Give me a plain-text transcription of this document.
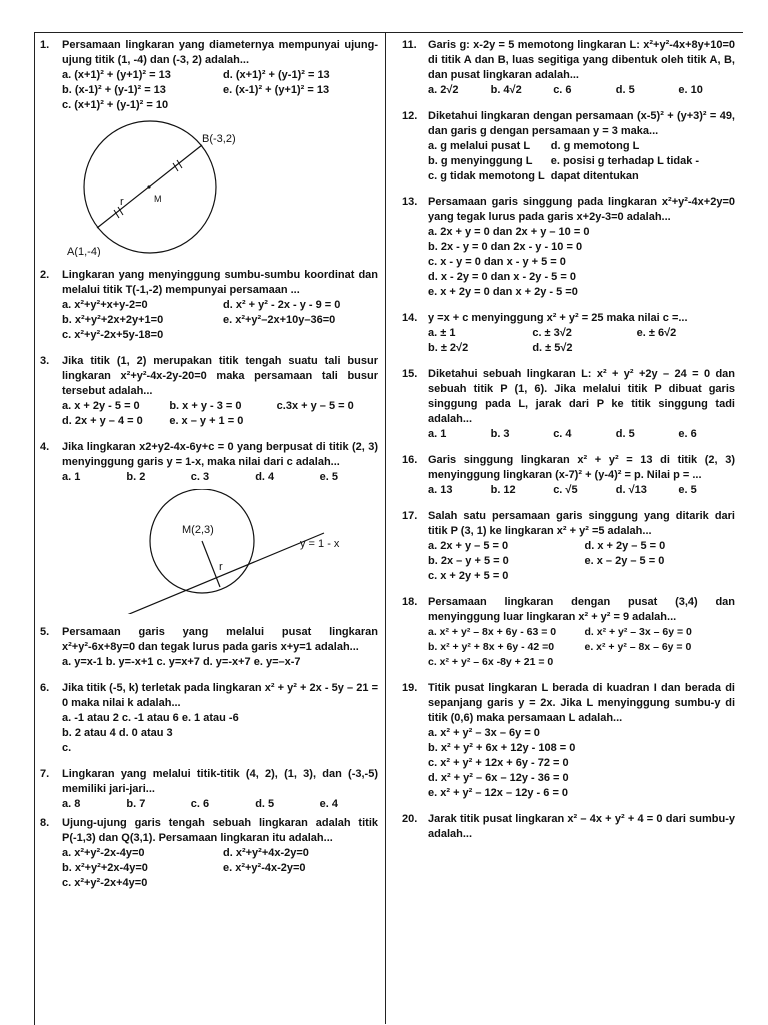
1. Persamaan lingkaran yang diameternya mempunyai ujung-ujung titik (1, -4) dan (-3, 2) adalah...
a. (x+1)² + (y+1)² = 13	d. (x+1)² + (y-1)² = 13
b. (x-1)² + (y-1)² = 13	e. (x-1)² + (y+1)² = 13
c. (x+1)² + (y-1)² = 10
B(-3,2)
A(1,-4)
M
r
2. Lingkaran yang menyinggung sumbu-sumbu koordinat dan melalui titik T(-1,-2) mempunyai persamaan ...
a. x²+y²+x+y-2=0	d. x² + y² - 2x - y - 9 = 0
b. x²+y²+2x+2y+1=0	e. x²+y²–2x+10y–36=0
c. x²+y²-2x+5y-18=0
3. Jika titik (1, 2) merupakan titik tengah suatu tali busur lingkaran x²+y²-4x-2y-20=0 maka persamaan tali busur tersebut adalah...
a. x + 2y - 5 = 0	b. x + y - 3 = 0	c.3x + y – 5 = 0
d. 2x + y – 4 = 0	e. x – y + 1 = 0
4. Jika lingkaran x2+y2-4x-6y+c = 0 yang berpusat di titik (2, 3) menyinggung garis y = 1-x, maka nilai dari c adalah...
a. 1	b. 2	c. 3	d. 4	e. 5
M(2,3)
r
y = 1 - x
5. Persamaan garis yang melalui pusat lingkaran x²+y²-6x+8y=0 dan tegak lurus pada garis x+y=1 adalah...
a. y=x-1 b. y=-x+1 c. y=x+7 d. y=-x+7 e. y=–x-7
6. Jika titik (-5, k) terletak pada lingkaran x² + y² + 2x - 5y – 21 = 0 maka nilai k adalah...
a. -1 atau 2 c. -1 atau 6 e. 1 atau -6
b. 2 atau 4 d. 0 atau 3
c.
7. Lingkaran yang melalui titik-titik (4, 2), (1, 3), dan (-3,-5) memiliki jari-jari...
a. 8	b. 7	c. 6	d. 5	e. 4
8. Ujung-ujung garis tengah sebuah lingkaran adalah titik P(-1,3) dan Q(3,1). Persamaan lingkaran itu adalah...
a. x²+y²-2x-4y=0	d. x²+y²+4x-2y=0
b. x²+y²+2x-4y=0	e. x²+y²-4x-2y=0
c. x²+y²-2x+4y=0
11. Garis g: x-2y = 5 memotong lingkaran L: x²+y²-4x+8y+10=0 di titik A dan B, luas segitiga yang dibentuk oleh titik A, B, dan pusat lingkaran adalah...
a. 2√2	b. 4√2	c. 6	d. 5	e. 10
12. Diketahui lingkaran dengan persamaan (x-5)² + (y+3)² = 49, dan garis g dengan persamaan y = 3 maka...
a. g melalui pusat L	d. g memotong L
b. g menyinggung L	e. posisi g terhadap L tidak -
c. g tidak memotong L dapat ditentukan
13. Persamaan garis singgung pada lingkaran x²+y²-4x+2y=0 yang tegak lurus pada garis x+2y-3=0 adalah...
a. 2x + y = 0 dan 2x + y – 10 = 0
b. 2x - y = 0 dan 2x - y - 10 = 0
c. x - y = 0 dan x - y + 5 = 0
d. x - 2y = 0 dan x - 2y - 5 = 0
e. x + 2y = 0 dan x + 2y - 5 =0
14. y =x + c menyinggung x² + y² = 25 maka nilai c =...
a. ± 1	c. ± 3√2	e. ± 6√2
b. ± 2√2	d. ± 5√2
15. Diketahui sebuah lingkaran L: x² + y² +2y – 24 = 0 dan sebuah titik P (1, 6). Jika melalui titik P dibuat garis singgung pada L, jarak dari P ke titik singgung tadi adalah...
a. 1	b. 3	c. 4	d. 5	e. 6
16. Garis singgung lingkaran x² + y² = 13 di titik (2, 3) menyinggung lingkaran (x-7)² + (y-4)² = p. Nilai p = ...
a. 13	b. 12	c. √5	d. √13	e. 5
17. Salah satu persamaan garis singgung yang ditarik dari titik P (3, 1) ke lingkaran x² + y² =5 adalah...
a. 2x + y – 5 = 0	d. x + 2y – 5 = 0
b. 2x – y + 5 = 0	e. x – 2y – 5 = 0
c. x + 2y + 5 = 0
18. Persamaan lingkaran dengan pusat (3,4) dan menyinggung luar lingkaran x² + y² = 9 adalah...
a. x² + y² – 8x + 6y - 63 = 0	d. x² + y² – 3x – 6y = 0
b. x² + y² + 8x + 6y - 42 =0	e. x² + y² – 8x – 6y = 0
c. x² + y² – 6x -8y + 21 = 0
19. Titik pusat lingkaran L berada di kuadran I dan berada di sepanjang garis y = 2x. Jika L menyinggung sumbu-y di titik (0,6) maka persamaan L adalah...
a. x² + y² – 3x – 6y = 0
b. x² + y² + 6x + 12y - 108 = 0
c. x² + y² + 12x + 6y - 72 = 0
d. x² + y² – 6x – 12y - 36 = 0
e. x² + y² – 12x – 12y - 6 = 0
20. Jarak titik pusat lingkaran x² – 4x + y² + 4 = 0 dari sumbu-y adalah...
